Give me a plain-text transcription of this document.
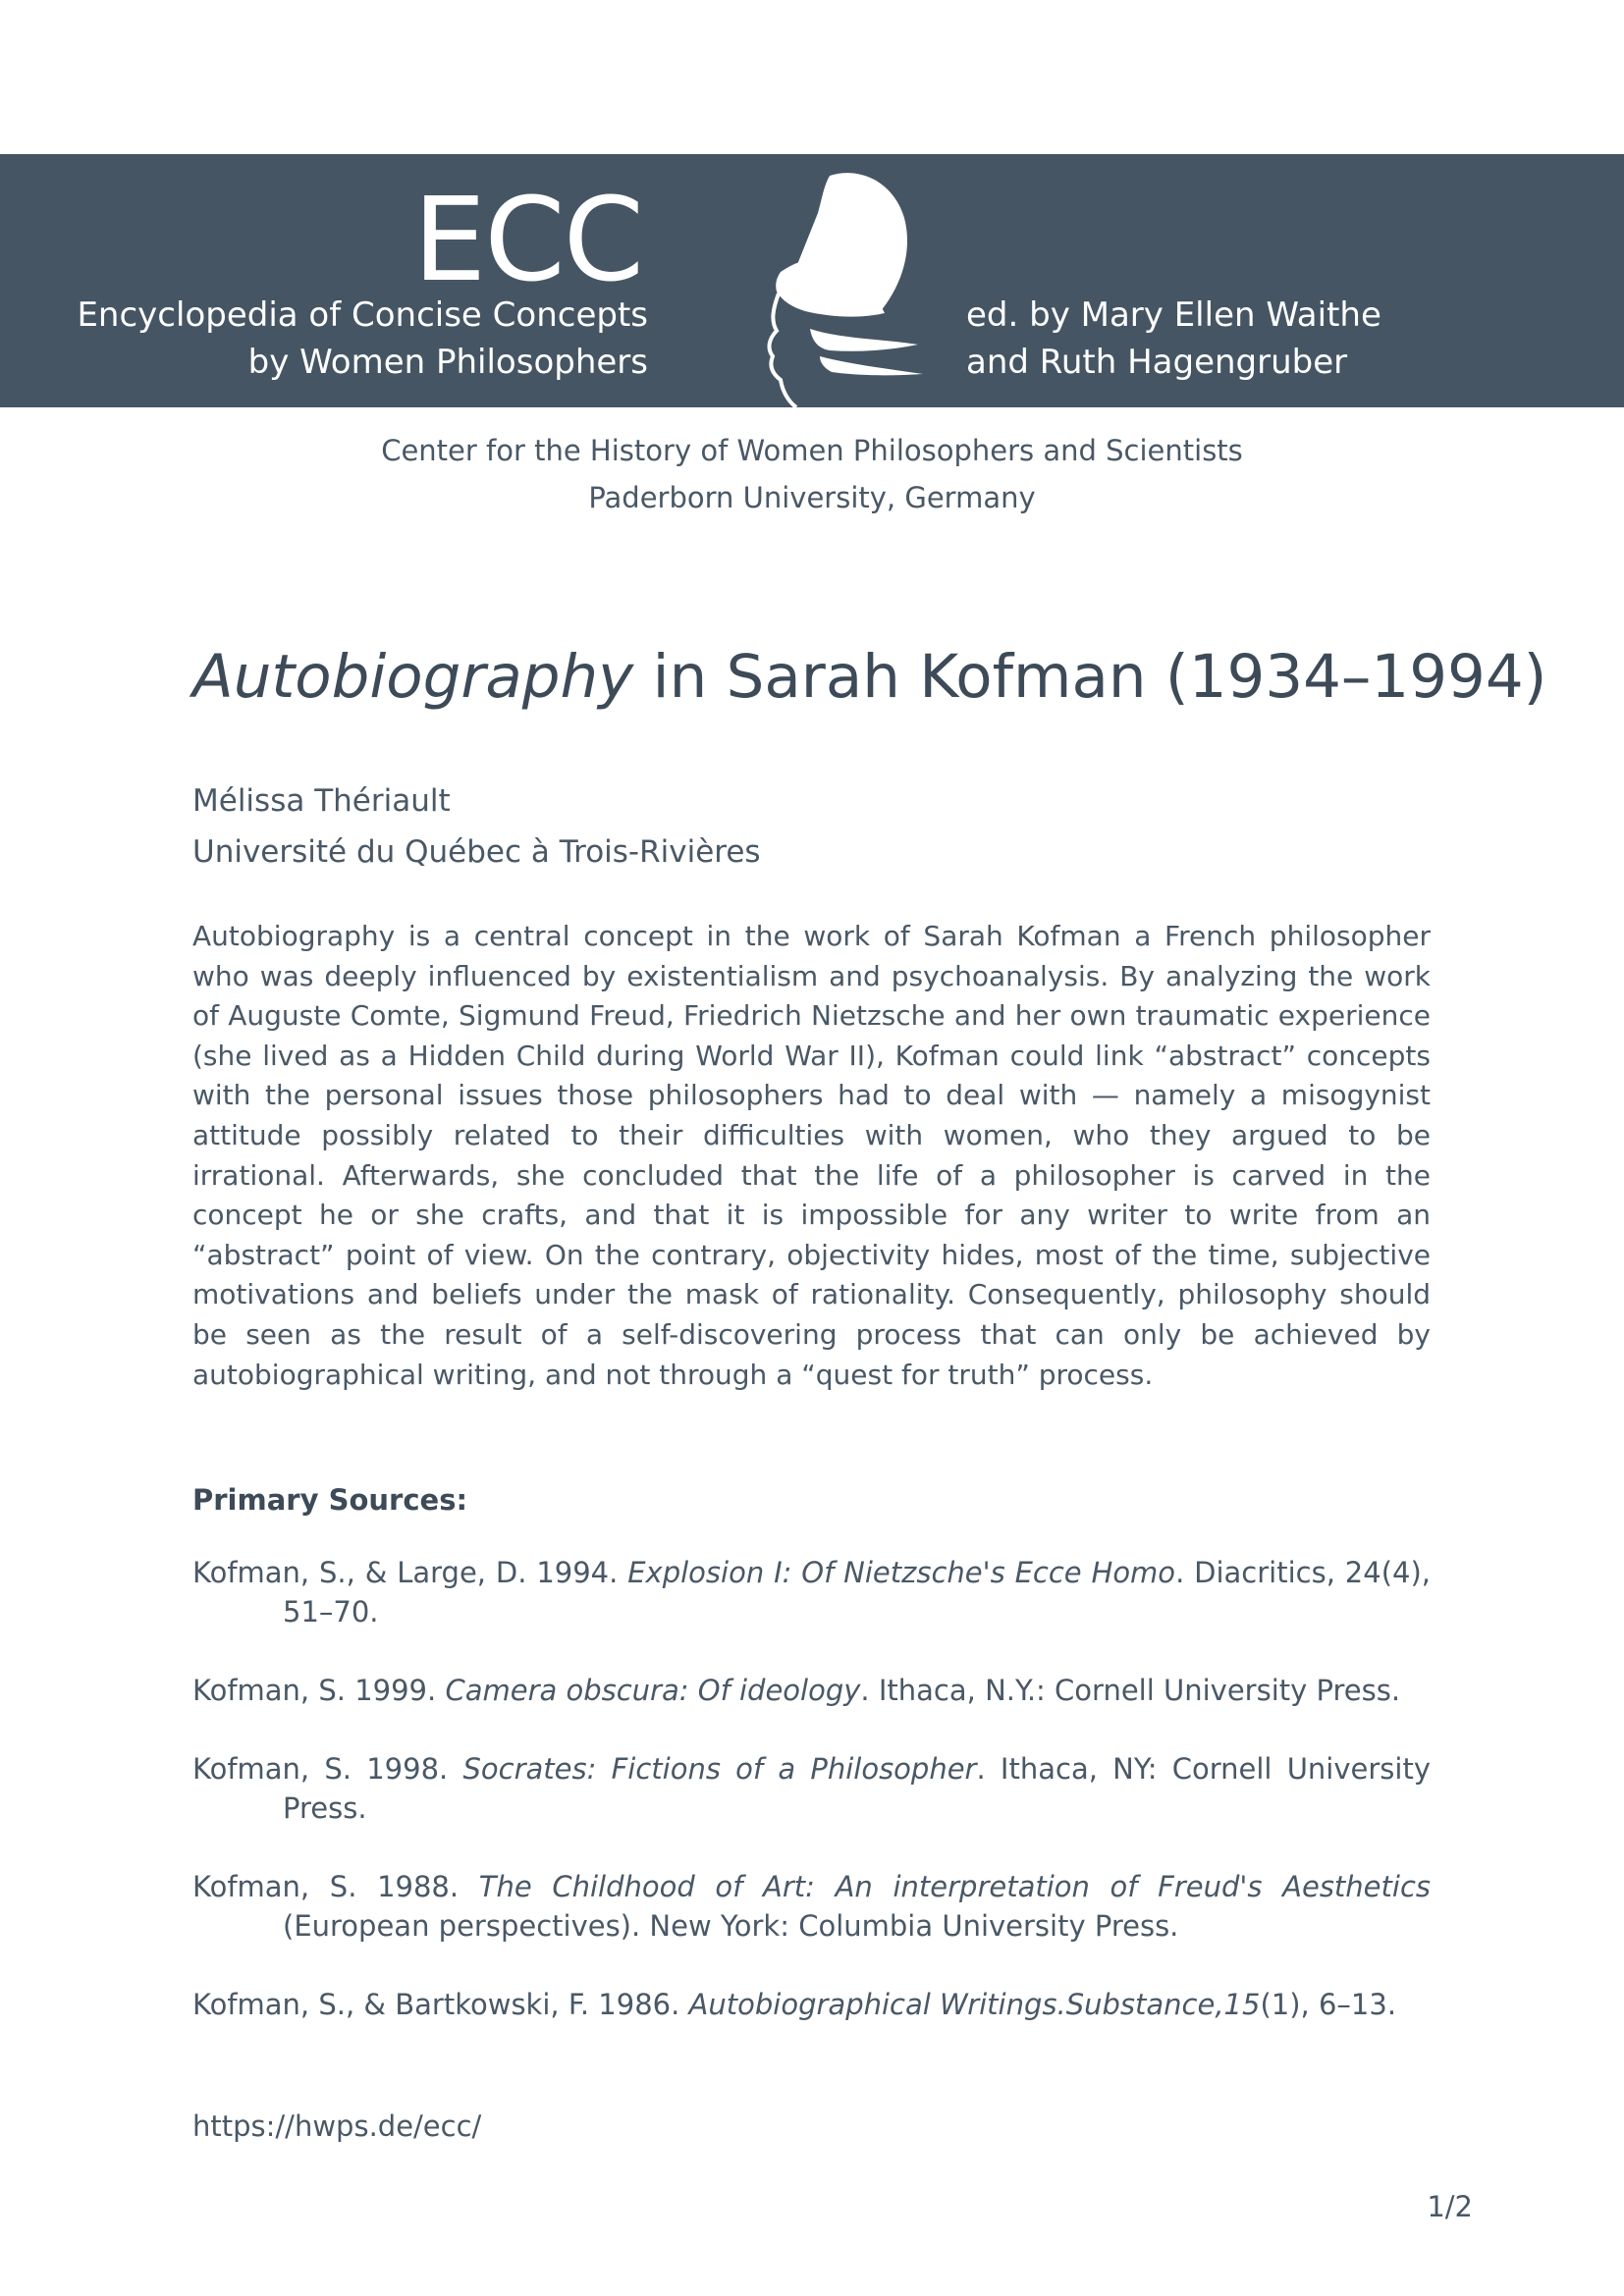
ECC
Encyclopedia of Concise Concepts
by Women Philosophers
ed. by Mary Ellen Waithe
and Ruth Hagengruber
Center for the History of Women Philosophers and Scientists
Paderborn University, Germany
Autobiography in Sarah Kofman (1934–1994)
Mélissa Thériault
Université du Québec à Trois-Rivières

Autobiography is a central concept in the work of Sarah Kofman a French philosopher who was deeply influenced by existentialism and psychoanalysis. By analyzing the work of Auguste Comte, Sigmund Freud, Friedrich Nietzsche and her own traumatic experience (she lived as a Hidden Child during World War II), Kofman could link “abstract” concepts with the personal issues those philosophers had to deal with — namely a misogynist attitude possibly related to their difficulties with women, who they argued to be irrational. Afterwards, she concluded that the life of a philosopher is carved in the concept he or she crafts, and that it is impossible for any writer to write from an “abstract” point of view. On the contrary, objectivity hides, most of the time, subjective motivations and beliefs under the mask of rationality. Consequently, philosophy should be seen as the result of a self-discovering process that can only be achieved by autobiographical writing, and not through a “quest for truth” process.

Primary Sources:

Kofman, S., & Large, D. 1994. Explosion I: Of Nietzsche's Ecce Homo. Diacritics, 24(4), 51–70.

Kofman, S. 1999. Camera obscura: Of ideology. Ithaca, N.Y.: Cornell University Press.

Kofman, S. 1998. Socrates: Fictions of a Philosopher. Ithaca, NY: Cornell University Press.

Kofman, S. 1988. The Childhood of Art: An interpretation of Freud's Aesthetics (European perspectives). New York: Columbia University Press.

Kofman, S., & Bartkowski, F. 1986. Autobiographical Writings.Substance,15(1), 6–13.

https://hwps.de/ecc/
1/2
